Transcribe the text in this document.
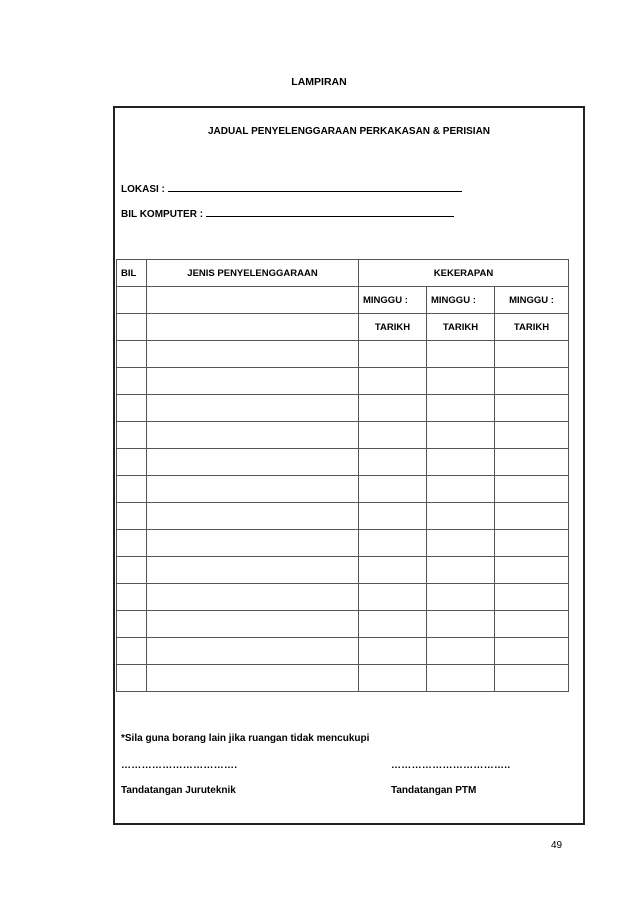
LAMPIRAN
JADUAL PENYELENGGARAAN PERKAKASAN & PERISIAN
LOKASI :
BIL KOMPUTER :
BIL	JENIS PENYELENGGARAAN	KEKERAPAN		
		MINGGU :	MINGGU :	MINGGU :
		TARIKH	TARIKH	TARIKH

*Sila guna borang lain jika ruangan tidak mencukupi
…………………………….	……………………………..
Tandatangan Juruteknik	Tandatangan PTM
49
